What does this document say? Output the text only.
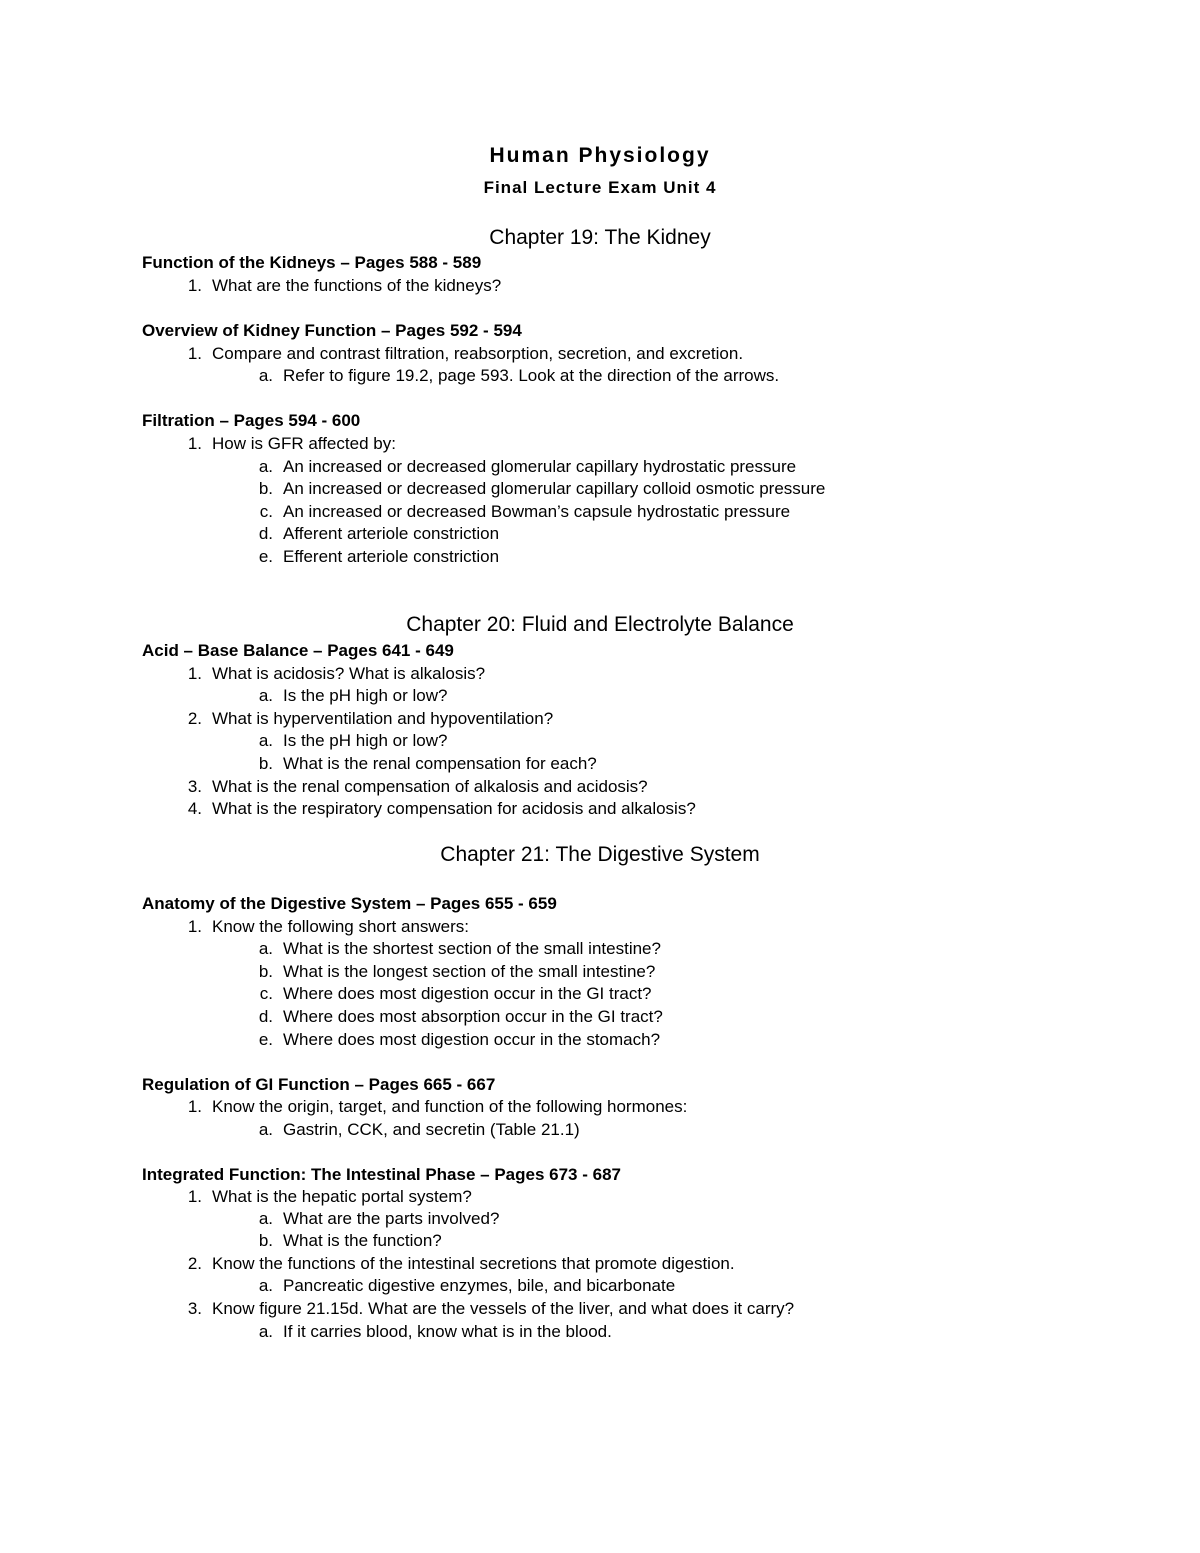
Human Physiology
Final Lecture Exam Unit 4
Chapter 19: The Kidney
Function of the Kidneys – Pages 588 - 589
1. What are the functions of the kidneys?
Overview of Kidney Function – Pages 592 - 594
1. Compare and contrast filtration, reabsorption, secretion, and excretion.
a. Refer to figure 19.2, page 593. Look at the direction of the arrows.
Filtration – Pages 594 - 600
1. How is GFR affected by:
a. An increased or decreased glomerular capillary hydrostatic pressure
b. An increased or decreased glomerular capillary colloid osmotic pressure
c. An increased or decreased Bowman’s capsule hydrostatic pressure
d. Afferent arteriole constriction
e. Efferent arteriole constriction
Chapter 20: Fluid and Electrolyte Balance
Acid – Base Balance – Pages 641 - 649
1. What is acidosis? What is alkalosis?
a. Is the pH high or low?
2. What is hyperventilation and hypoventilation?
a. Is the pH high or low?
b. What is the renal compensation for each?
3. What is the renal compensation of alkalosis and acidosis?
4. What is the respiratory compensation for acidosis and alkalosis?
Chapter 21: The Digestive System
Anatomy of the Digestive System – Pages 655 - 659
1. Know the following short answers:
a. What is the shortest section of the small intestine?
b. What is the longest section of the small intestine?
c. Where does most digestion occur in the GI tract?
d. Where does most absorption occur in the GI tract?
e. Where does most digestion occur in the stomach?
Regulation of GI Function – Pages 665 - 667
1. Know the origin, target, and function of the following hormones:
a. Gastrin, CCK, and secretin (Table 21.1)
Integrated Function: The Intestinal Phase – Pages 673 - 687
1. What is the hepatic portal system?
a. What are the parts involved?
b. What is the function?
2. Know the functions of the intestinal secretions that promote digestion.
a. Pancreatic digestive enzymes, bile, and bicarbonate
3. Know figure 21.15d. What are the vessels of the liver, and what does it carry?
a. If it carries blood, know what is in the blood.
